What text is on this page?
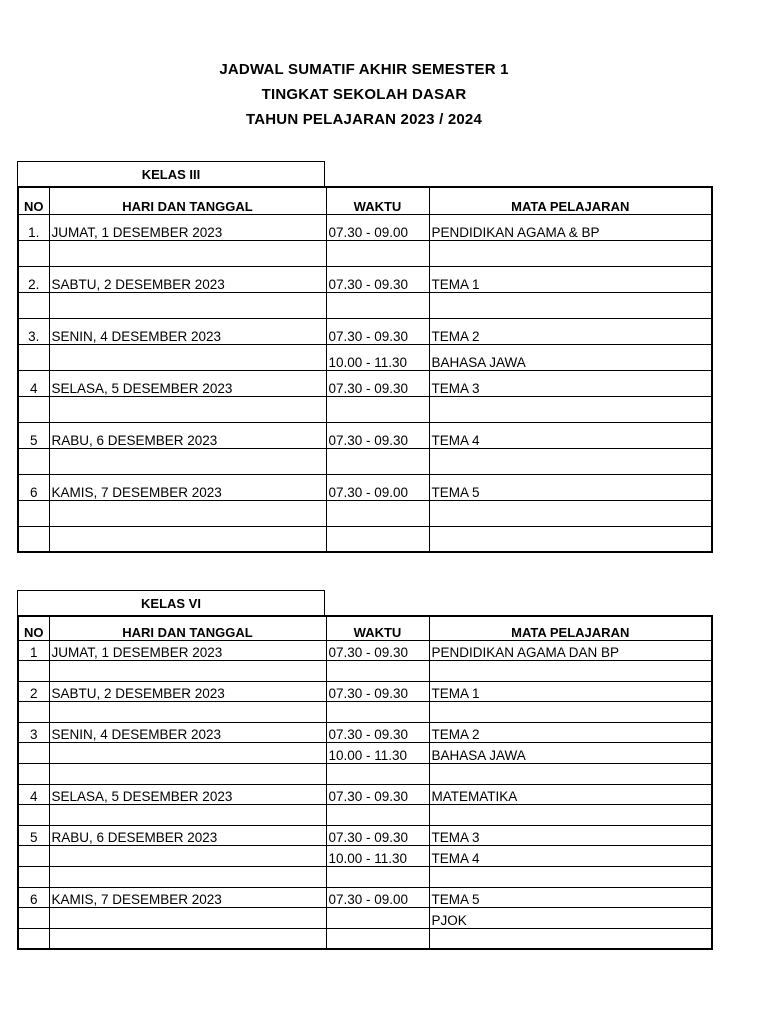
JADWAL SUMATIF AKHIR SEMESTER 1
TINGKAT SEKOLAH DASAR
TAHUN PELAJARAN 2023 / 2024
KELAS III
NO	HARI DAN TANGGAL	WAKTU	MATA PELAJARAN
1.	JUMAT, 1 DESEMBER 2023	07.30 - 09.00	PENDIDIKAN AGAMA & BP

2.	SABTU, 2 DESEMBER 2023	07.30 - 09.30	TEMA 1

3.	SENIN, 4 DESEMBER 2023	07.30 - 09.30	TEMA 2
		10.00 - 11.30	BAHASA JAWA
4	SELASA, 5 DESEMBER 2023	07.30 - 09.30	TEMA 3

5	RABU, 6 DESEMBER 2023	07.30 - 09.30	TEMA 4

6	KAMIS, 7 DESEMBER 2023	07.30 - 09.00	TEMA 5

KELAS VI
NO	HARI DAN TANGGAL	WAKTU	MATA PELAJARAN
1	JUMAT, 1 DESEMBER 2023	07.30 - 09.30	PENDIDIKAN AGAMA DAN BP

2	SABTU, 2 DESEMBER 2023	07.30 - 09.30	TEMA 1

3	SENIN, 4 DESEMBER 2023	07.30 - 09.30	TEMA 2
		10.00 - 11.30	BAHASA JAWA

4	SELASA, 5 DESEMBER 2023	07.30 - 09.30	MATEMATIKA

5	RABU, 6 DESEMBER 2023	07.30 - 09.30	TEMA 3
		10.00 - 11.30	TEMA 4

6	KAMIS, 7 DESEMBER 2023	07.30 - 09.00	TEMA 5
			PJOK
